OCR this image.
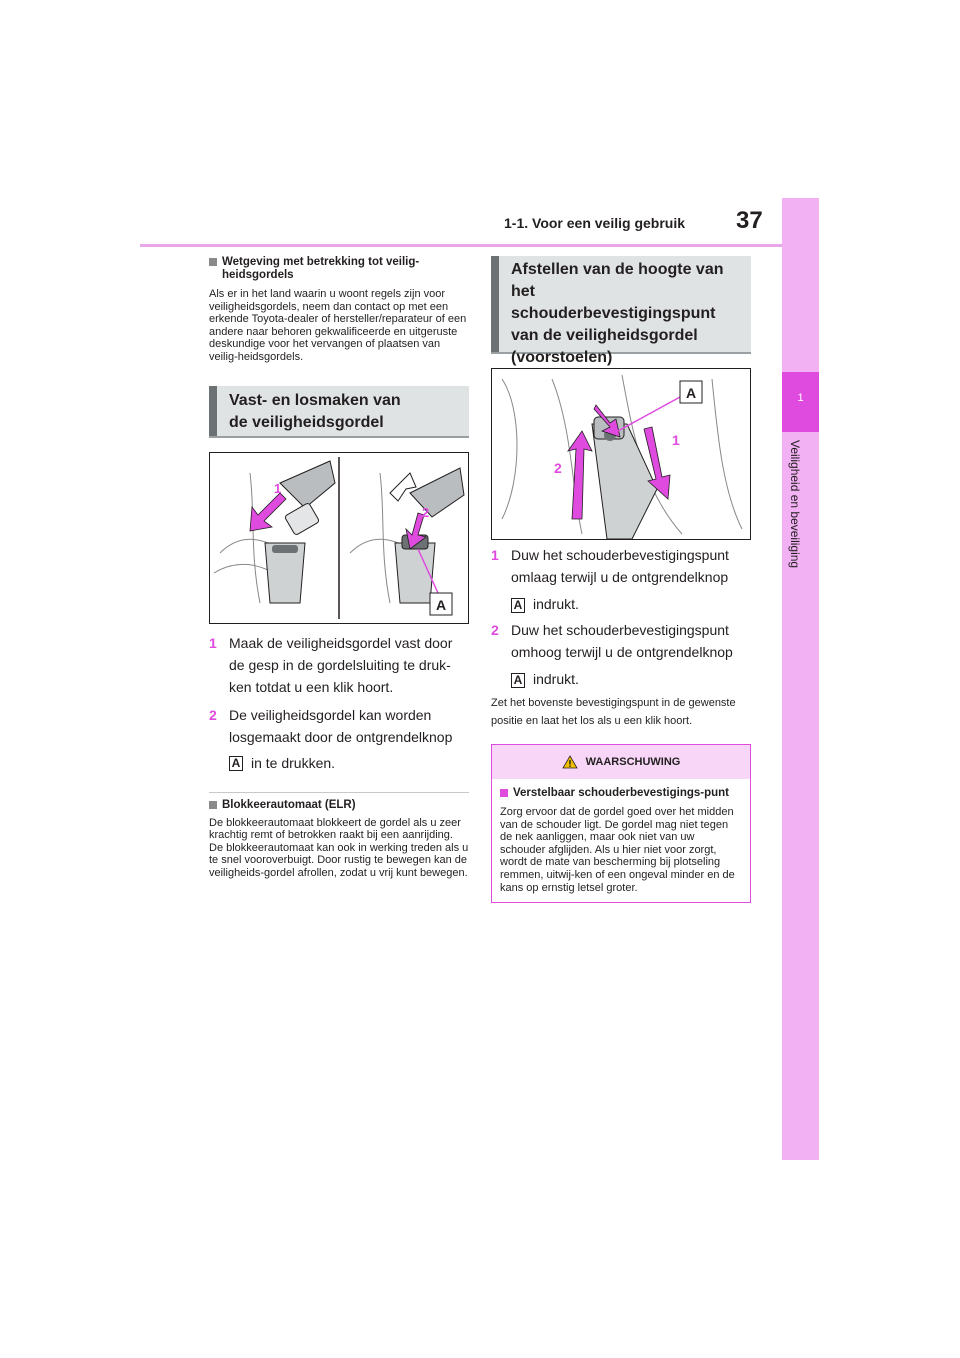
1-1. Voor een veilig gebruik 37
1
Veiligheid en beveiliging
Wetgeving met betrekking tot veilig-heidsgordels

Als er in het land waarin u woont regels zijn voor veiligheidsgordels, neem dan contact op met een erkende Toyota-dealer of hersteller/reparateur of een andere naar behoren gekwalificeerde en uitgeruste deskundige voor het vervangen of plaatsen van veilig-heidsgordels.

Vast- en losmaken van
de veiligheidsgordel
1
2
A
1 Maak de veiligheidsgordel vast door
de gesp in de gordelsluiting te druk-
ken totdat u een klik hoort.
2 De veiligheidsgordel kan worden
losgemaakt door de ontgrendelknop
A in te drukken.
Blokkeerautomaat (ELR)

De blokkeerautomaat blokkeert de gordel als u zeer krachtig remt of betrokken raakt bij een aanrijding. De blokkeerautomaat kan ook in werking treden als u te snel vooroverbuigt. Door rustig te bewegen kan de veiligheids-gordel afrollen, zodat u vrij kunt bewegen.

Afstellen van de hoogte van
het schouderbevestigingspunt
van de veiligheidsgordel
(voorstoelen)
2
1
A
1 Duw het schouderbevestigingspunt
omlaag terwijl u de ontgrendelknop
A indrukt.
2 Duw het schouderbevestigingspunt
omhoog terwijl u de ontgrendelknop
A indrukt.

Zet het bovenste bevestigingspunt in de gewenste positie en laat het los als u een klik hoort.

WAARSCHUWING
Verstelbaar schouderbevestigings-punt

Zorg ervoor dat de gordel goed over het midden van de schouder ligt. De gordel mag niet tegen de nek aanliggen, maar ook niet van uw schouder afglijden. Als u hier niet voor zorgt, wordt de mate van bescherming bij plotseling remmen, uitwij-ken of een ongeval minder en de kans op ernstig letsel groter.
